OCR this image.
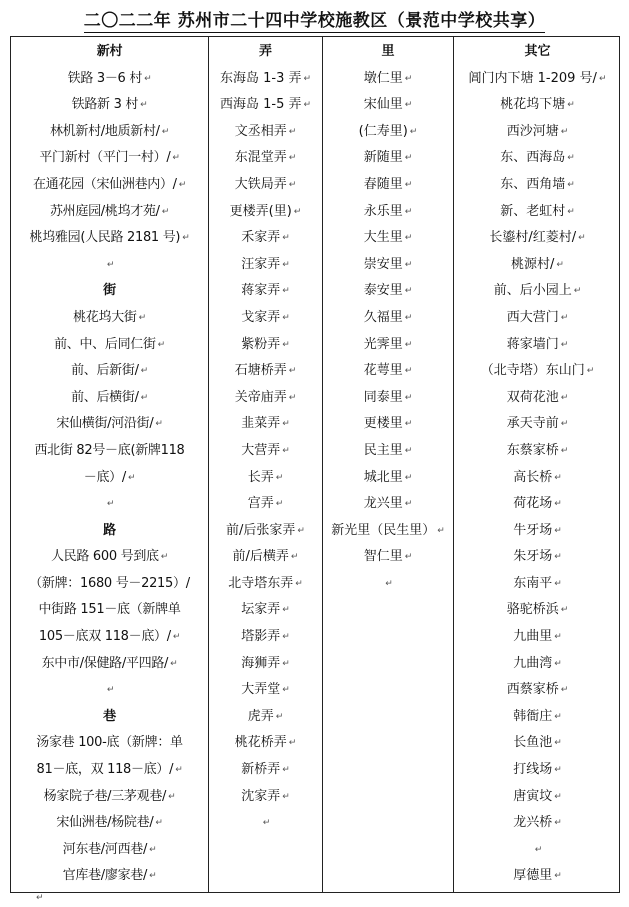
二〇二二年 苏州市二十四中学校施教区（景范中学校共享）
新村
铁路 3－6 村 ↵
铁路新 3 村 ↵
林机新村/地质新村/ ↵
平门新村（平门一村）/ ↵
在通花园（宋仙洲巷内）/ ↵
苏州庭园/桃坞才苑/ ↵
桃坞雅园(人民路 2181 号) ↵
↵
街
桃花坞大街 ↵
前、中、后同仁街 ↵
前、后新街/ ↵
前、后横街/ ↵
宋仙横街/河沿街/ ↵
西北街 82号－底(新牌118
－底）/ ↵
↵
路
人民路 600 号到底 ↵
（新牌：1680 号－2215）/
中街路 151－底（新牌单
105－底双 118－底）/ ↵
东中市/保健路/平四路/ ↵
↵
巷
汤家巷 100-底（新牌：单
81－底，双 118－底）/ ↵
杨家院子巷/三茅观巷/ ↵
宋仙洲巷/杨院巷/ ↵
河东巷/河西巷/ ↵
官库巷/廖家巷/ ↵
弄
东海岛 1-3 弄 ↵
西海岛 1-5 弄 ↵
文丞相弄 ↵
东混堂弄 ↵
大铁局弄 ↵
更楼弄(里) ↵
禾家弄 ↵
汪家弄 ↵
蒋家弄 ↵
戈家弄 ↵
紫粉弄 ↵
石塘桥弄 ↵
关帝庙弄 ↵
韭菜弄 ↵
大营弄 ↵
长弄 ↵
宫弄 ↵
前/后张家弄 ↵
前/后横弄 ↵
北寺塔东弄 ↵
坛家弄 ↵
塔影弄 ↵
海狮弄 ↵
大弄堂 ↵
虎弄 ↵
桃花桥弄 ↵
新桥弄 ↵
沈家弄 ↵
↵
里
墩仁里 ↵
宋仙里 ↵
(仁寿里) ↵
新随里 ↵
春随里 ↵
永乐里 ↵
大生里 ↵
崇安里 ↵
泰安里 ↵
久福里 ↵
光霁里 ↵
花萼里 ↵
同泰里 ↵
更楼里 ↵
民主里 ↵
城北里 ↵
龙兴里 ↵
新光里（民生里） ↵
智仁里 ↵
↵
其它
阊门内下塘 1-209 号/ ↵
桃花坞下塘 ↵
西沙河塘 ↵
东、西海岛 ↵
东、西角墙 ↵
新、老虹村 ↵
长鎏村/红菱村/ ↵
桃源村/ ↵
前、后小园上 ↵
西大营门 ↵
蒋家墙门 ↵
（北寺塔）东山门 ↵
双荷花池 ↵
承天寺前 ↵
东蔡家桥 ↵
高长桥 ↵
荷花场 ↵
牛牙场 ↵
朱牙场 ↵
东南平 ↵
骆驼桥浜 ↵
九曲里 ↵
九曲湾 ↵
西蔡家桥 ↵
韩衙庄 ↵
长鱼池 ↵
打线场 ↵
唐寅坟 ↵
龙兴桥 ↵
↵
厚德里 ↵
↵
